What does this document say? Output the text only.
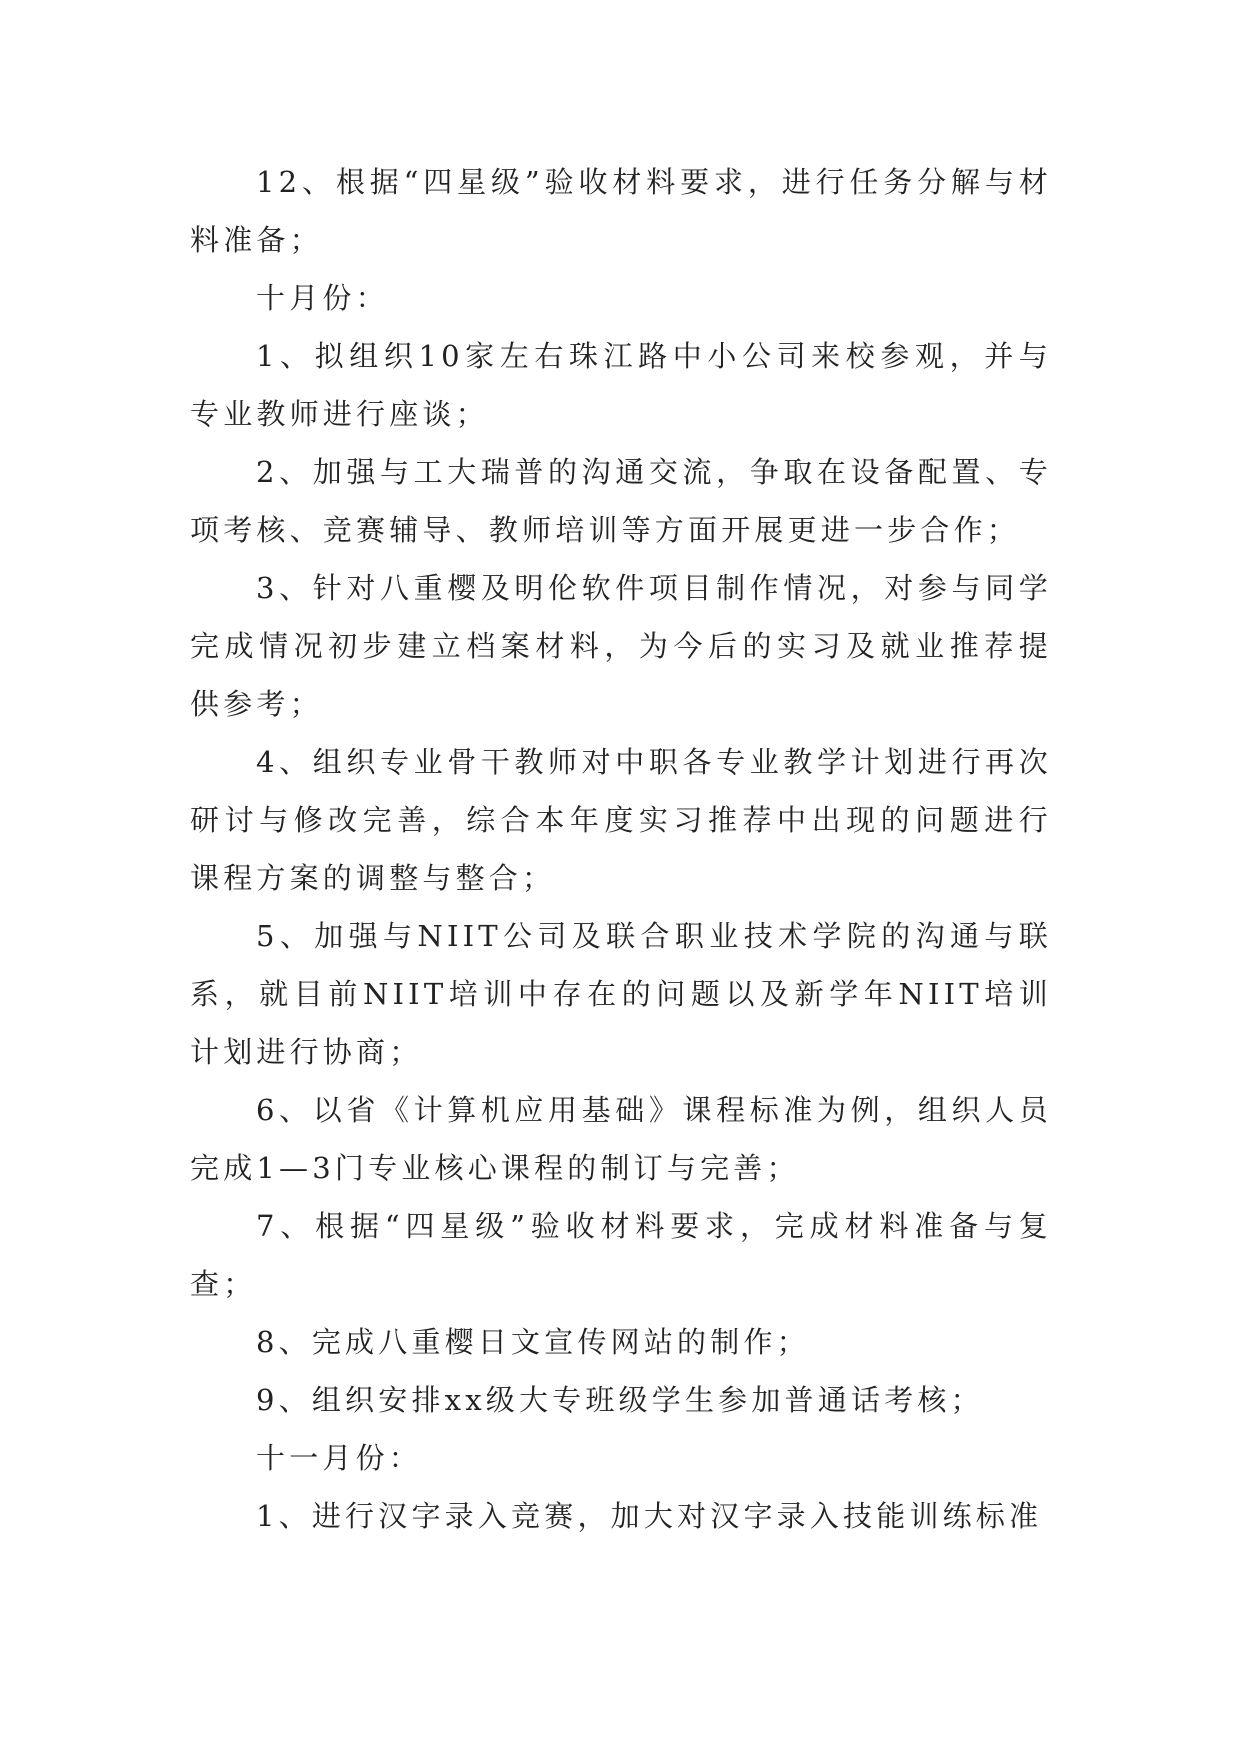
12、根据“四星级”验收材料要求，进行任务分解与材料准备；

十月份：

1、拟组织10家左右珠江路中小公司来校参观，并与专业教师进行座谈；

2、加强与工大瑞普的沟通交流，争取在设备配置、专项考核、竞赛辅导、教师培训等方面开展更进一步合作；

3、针对八重樱及明伦软件项目制作情况，对参与同学完成情况初步建立档案材料，为今后的实习及就业推荐提供参考；

4、组织专业骨干教师对中职各专业教学计划进行再次研讨与修改完善，综合本年度实习推荐中出现的问题进行课程方案的调整与整合；

5、加强与NIIT公司及联合职业技术学院的沟通与联系，就目前NIIT培训中存在的问题以及新学年NIIT培训计划进行协商；

6、以省《计算机应用基础》课程标准为例，组织人员完成1—3门专业核心课程的制订与完善；

7、根据“四星级”验收材料要求，完成材料准备与复查；

8、完成八重樱日文宣传网站的制作；

9、组织安排xx级大专班级学生参加普通话考核；

十一月份：

1、进行汉字录入竞赛，加大对汉字录入技能训练标准
